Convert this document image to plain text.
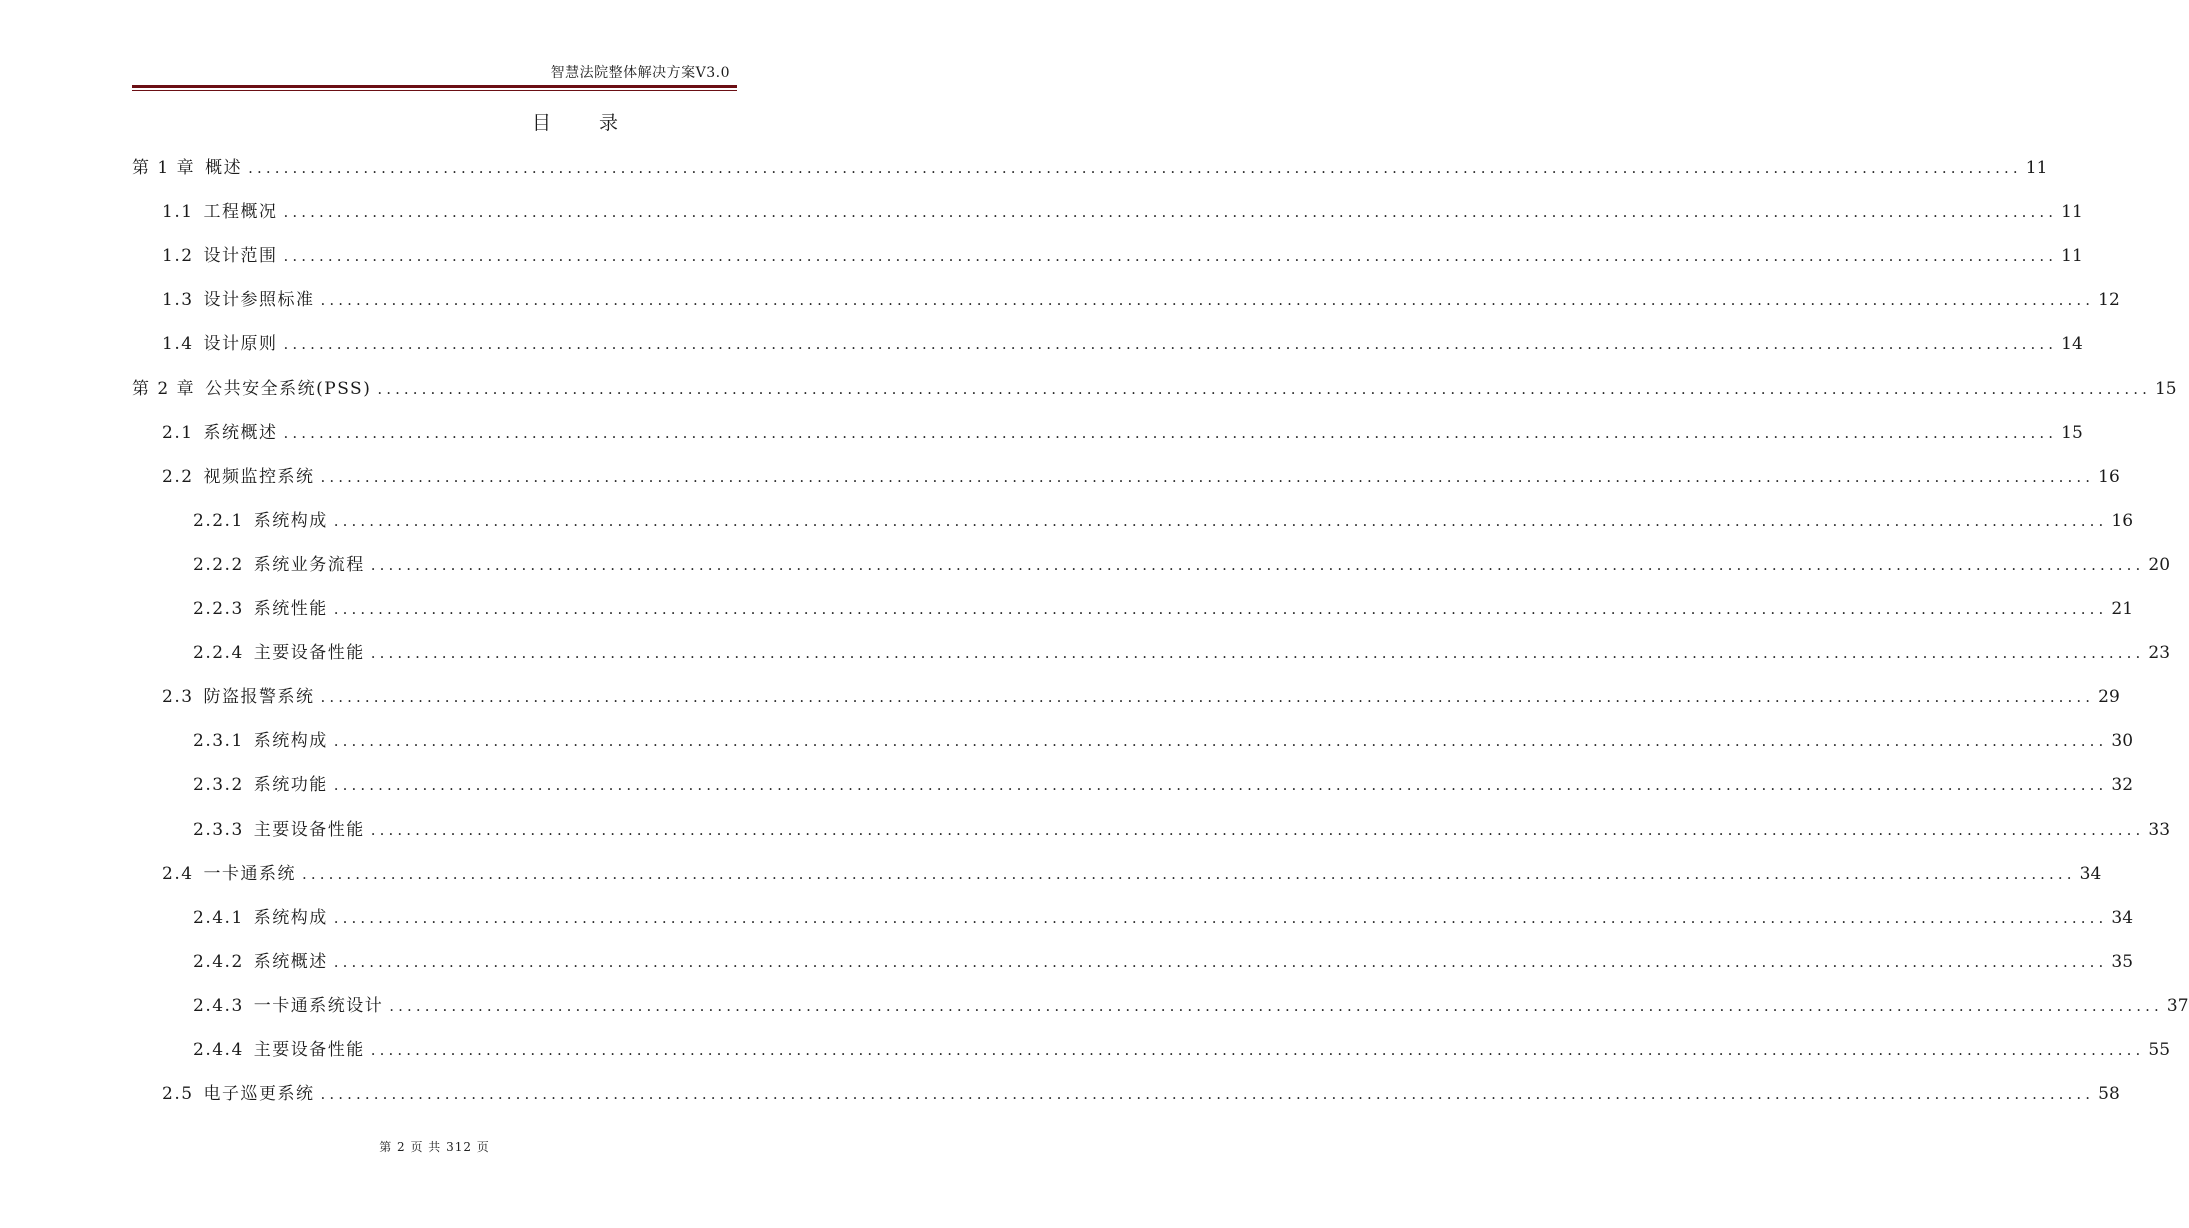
智慧法院整体解决方案V3.0
目录
第 1 章 概述 ........................................................................................................................................................................................................ 11
1.1 工程概况 ........................................................................................................................................................................................................ 11
1.2 设计范围 ........................................................................................................................................................................................................ 11
1.3 设计参照标准 ........................................................................................................................................................................................................ 12
1.4 设计原则 ........................................................................................................................................................................................................ 14
第 2 章 公共安全系统(PSS) ........................................................................................................................................................................................................ 15
2.1 系统概述 ........................................................................................................................................................................................................ 15
2.2 视频监控系统 ........................................................................................................................................................................................................ 16
2.2.1 系统构成 ........................................................................................................................................................................................................ 16
2.2.2 系统业务流程 ........................................................................................................................................................................................................ 20
2.2.3 系统性能 ........................................................................................................................................................................................................ 21
2.2.4 主要设备性能 ........................................................................................................................................................................................................ 23
2.3 防盗报警系统 ........................................................................................................................................................................................................ 29
2.3.1 系统构成 ........................................................................................................................................................................................................ 30
2.3.2 系统功能 ........................................................................................................................................................................................................ 32
2.3.3 主要设备性能 ........................................................................................................................................................................................................ 33
2.4 一卡通系统 ........................................................................................................................................................................................................ 34
2.4.1 系统构成 ........................................................................................................................................................................................................ 34
2.4.2 系统概述 ........................................................................................................................................................................................................ 35
2.4.3 一卡通系统设计 ........................................................................................................................................................................................................ 37
2.4.4 主要设备性能 ........................................................................................................................................................................................................ 55
2.5 电子巡更系统 ........................................................................................................................................................................................................ 58
第 2 页 共 312 页
